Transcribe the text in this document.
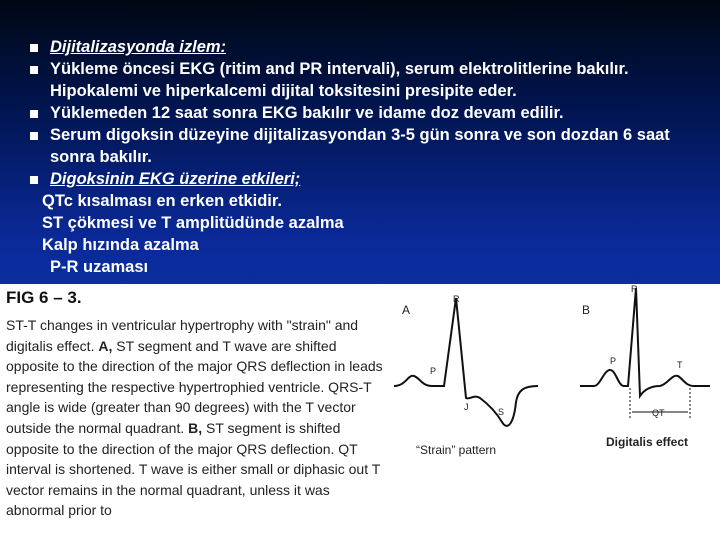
Dijitalizasyonda izlem:
Yükleme öncesi EKG (ritim and PR intervali), serum elektrolitlerine bakılır. Hipokalemi ve hiperkalcemi dijital toksitesini presipite eder.
Yüklemeden 12 saat sonra EKG bakılır ve idame doz devam edilir.
Serum digoksin düzeyine dijitalizasyondan 3-5 gün sonra ve son dozdan 6 saat sonra bakılır.
Digoksinin EKG üzerine etkileri;
QTc kısalması en erken etkidir.
ST çökmesi ve T amplitüdünde azalma
Kalp hızında azalma
P-R uzaması
FIG 6 – 3.
ST-T changes in ventricular hypertrophy with "strain" and digitalis effect. A, ST segment and T wave are shifted opposite to the direction of the major QRS deflection in leads representing the respective hypertrophied ventricle. QRS-T angle is wide (greater than 90 degrees) with the T vector outside the normal quadrant. B, ST segment is shifted opposite to the direction of the major QRS deflection. QT interval is shortened. T wave is either small or diphasic out T vector remains in the normal quadrant, unless it was abnormal prior to
A
R
P
J	S
“Strain” pattern
B
R
P	T
QT
Digitalis effect
